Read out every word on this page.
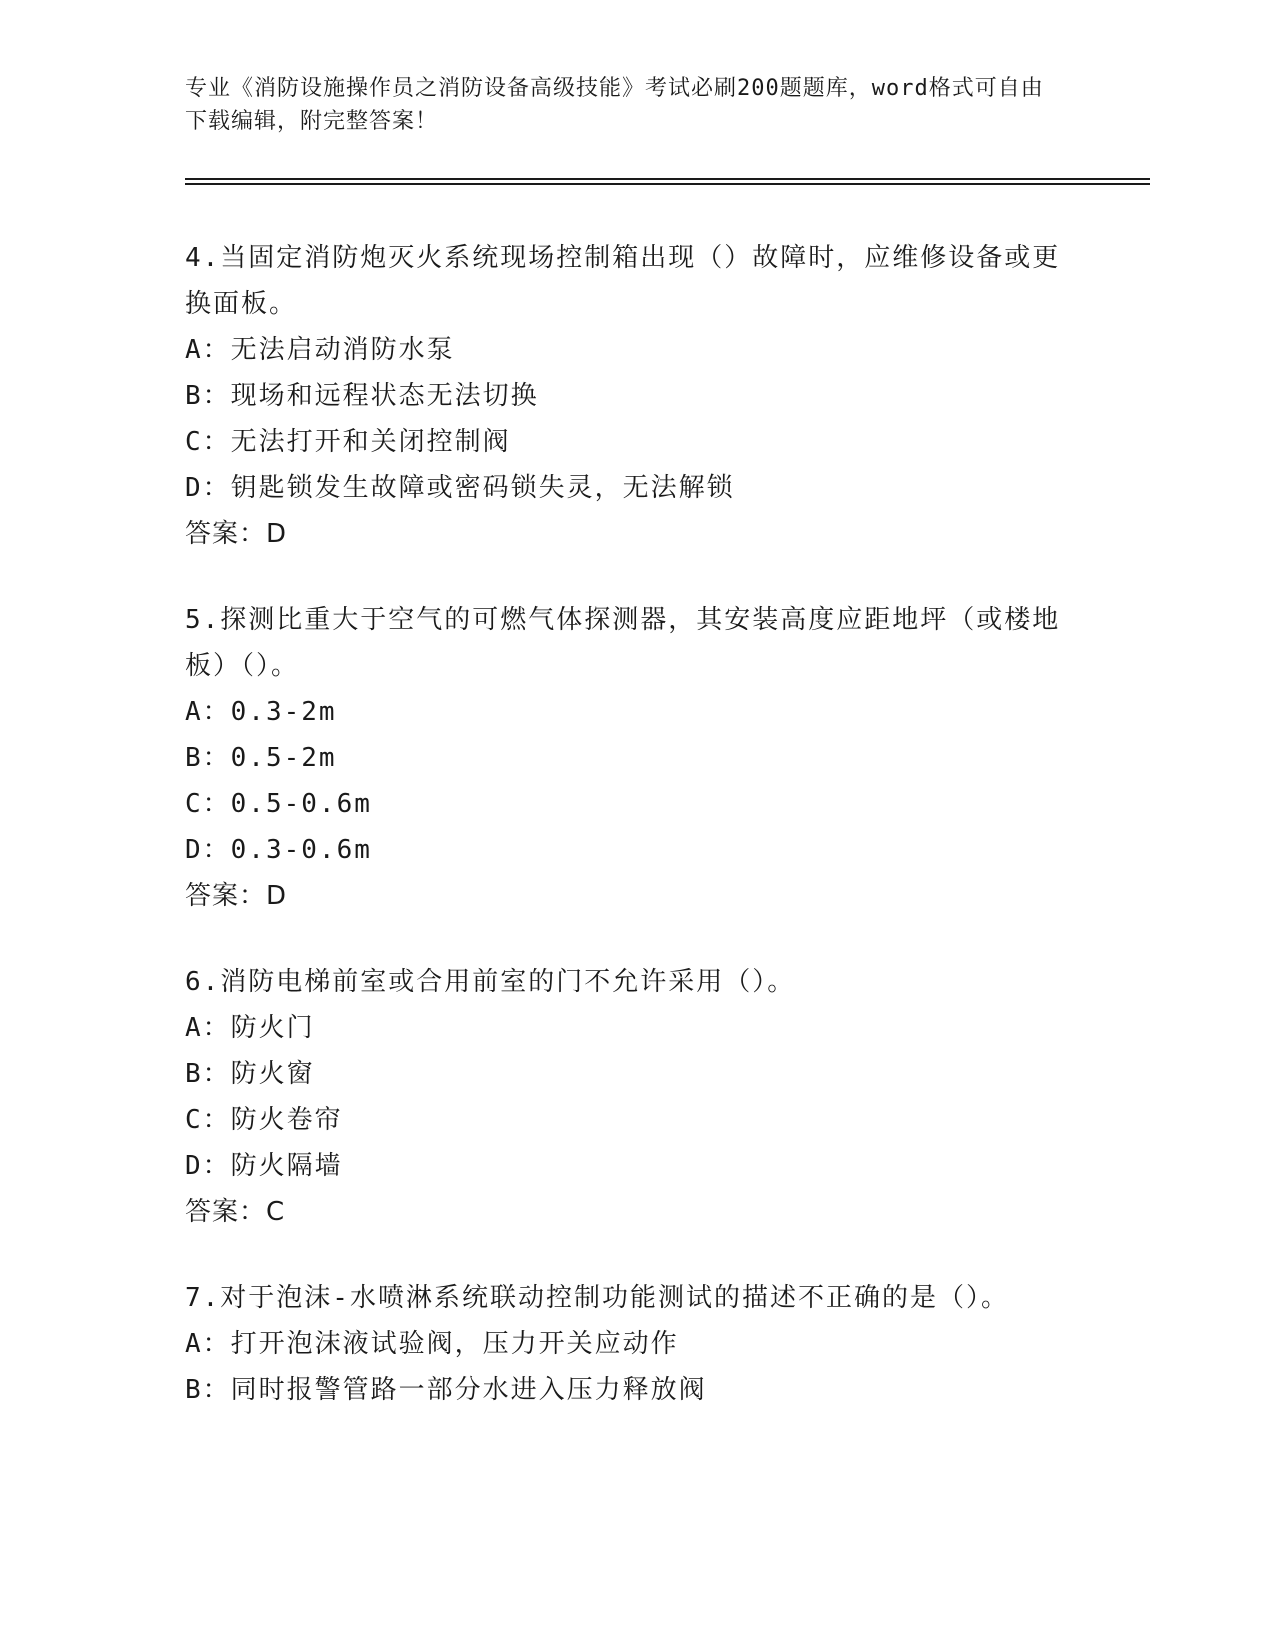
专业《消防设施操作员之消防设备高级技能》考试必刷200题题库，word格式可自由下载编辑，附完整答案！
4.当固定消防炮灭火系统现场控制箱出现（）故障时，应维修设备或更换面板。
A：无法启动消防水泵
B：现场和远程状态无法切换
C：无法打开和关闭控制阀
D：钥匙锁发生故障或密码锁失灵，无法解锁
答案：D
5.探测比重大于空气的可燃气体探测器，其安装高度应距地坪（或楼地板）（）。
A：0.3-2m
B：0.5-2m
C：0.5-0.6m
D：0.3-0.6m
答案：D
6.消防电梯前室或合用前室的门不允许采用（）。
A：防火门
B：防火窗
C：防火卷帘
D：防火隔墙
答案：C
7.对于泡沫-水喷淋系统联动控制功能测试的描述不正确的是（）。
A：打开泡沫液试验阀，压力开关应动作
B：同时报警管路一部分水进入压力释放阀
